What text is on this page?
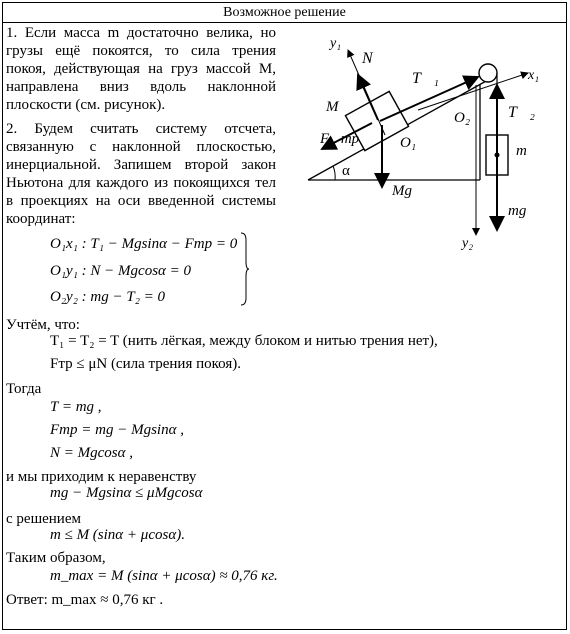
Возможное решение
1. Если масса m достаточно велика, но грузы ещё покоятся, то сила трения покоя, действующая на груз массой M, направлена вниз вдоль наклонной плоскости (см. рисунок).
2. Будем считать систему отсчета, связанную с наклонной плоскостью, инерциальной. Запишем второй закон Ньютона для каждого из покоящихся тел в проекциях на оси введенной системы координат:
y₁
N⃗
T⃗₁	x₁
M
O₂ T⃗₂
m
F⃗тр	O₁
α
Mg⃗
mg⃗
y₂
O₁x₁ : T₁ − Mgsinα − Fтр = 0
O₁y₁ : N − Mgcosα = 0
O₂y₂ : mg − T₂ = 0
Учтём, что:
T₁ = T₂ = T (нить лёгкая, между блоком и нитью трения нет),
Fтр ≤ μN (сила трения покоя).
Тогда
T = mg ,
Fтр = mg − Mgsinα ,
N = Mgcosα ,
и мы приходим к неравенству
mg − Mgsinα ≤ μMgcosα
с решением
m ≤ M (sinα + μcosα).
Таким образом,
m_max = M (sinα + μcosα) ≈ 0,76 кг.
Ответ: m_max ≈ 0,76 кг .
